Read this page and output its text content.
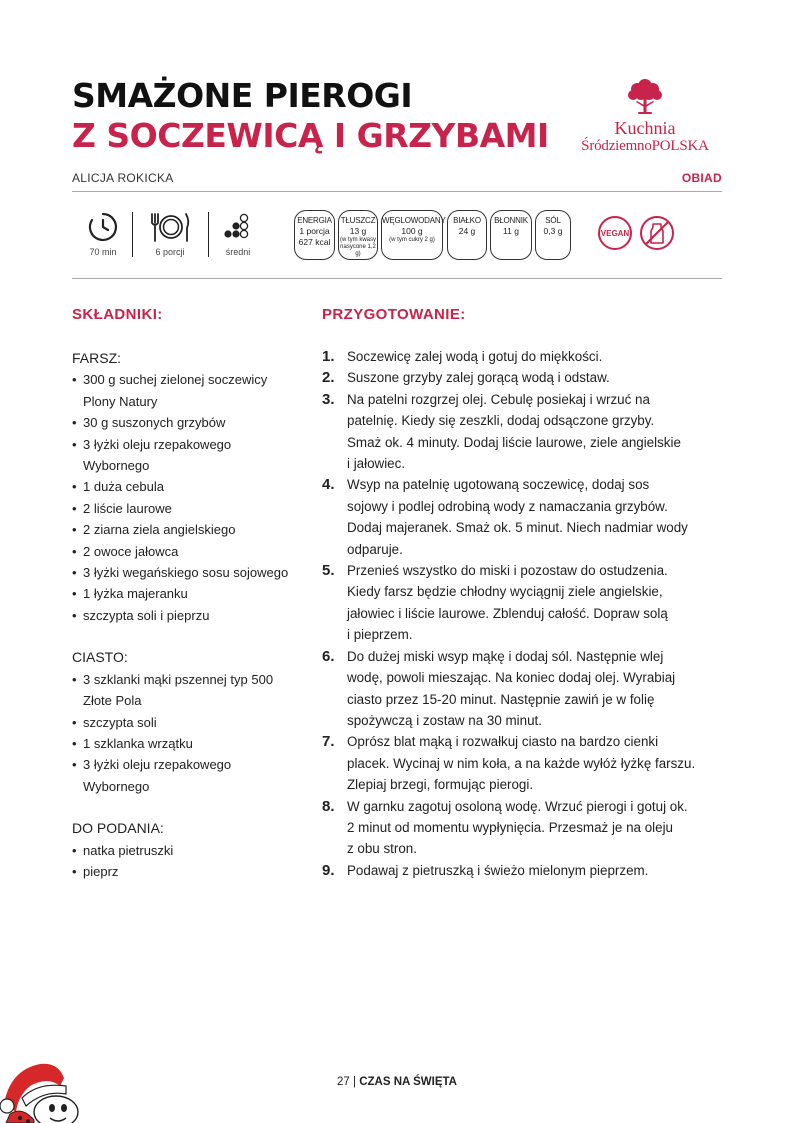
SMAŻONE PIEROGI
Z SOCZEWICĄ I GRZYBAMI	Kuchnia
ŚródziemnoPOLSKA
ALICJA ROKICKA	OBIAD
70 min	6 porcji	średni
ENERGIA
1 porcja
627 kcal
TŁUSZCZ
13 g
(w tym kwasy nasycone 1,2 g)
WĘGLOWODANY
100 g
(w tym cukry 2 g)
BIAŁKO
24 g
BŁONNIK
11 g
SÓL
0,3 g	VEGAN
SKŁADNIKI:
FARSZ:
• 300 g suchej zielonej soczewicy
Plony Natury
• 30 g suszonych grzybów
• 3 łyżki oleju rzepakowego
Wybornego
• 1 duża cebula
• 2 liście laurowe
• 2 ziarna ziela angielskiego
• 2 owoce jałowca
• 3 łyżki wegańskiego sosu sojowego
• 1 łyżka majeranku
• szczypta soli i pieprzu
CIASTO:
• 3 szklanki mąki pszennej typ 500
Złote Pola
• szczypta soli
• 1 szklanka wrzątku
• 3 łyżki oleju rzepakowego
Wybornego
DO PODANIA:
• natka pietruszki
• pieprz
PRZYGOTOWANIE:
1. Soczewicę zalej wodą i gotuj do miękkości.
2. Suszone grzyby zalej gorącą wodą i odstaw.
3. Na patelni rozgrzej olej. Cebulę posiekaj i wrzuć na
patelnię. Kiedy się zeszkli, dodaj odsączone grzyby.
Smaż ok. 4 minuty. Dodaj liście laurowe, ziele angielskie
i jałowiec.
4. Wsyp na patelnię ugotowaną soczewicę, dodaj sos
sojowy i podlej odrobiną wody z namaczania grzybów.
Dodaj majeranek. Smaż ok. 5 minut. Niech nadmiar wody
odparuje.
5. Przenieś wszystko do miski i pozostaw do ostudzenia.
Kiedy farsz będzie chłodny wyciągnij ziele angielskie,
jałowiec i liście laurowe. Zblenduj całość. Dopraw solą
i pieprzem.
6. Do dużej miski wsyp mąkę i dodaj sól. Następnie wlej
wodę, powoli mieszając. Na koniec dodaj olej. Wyrabiaj
ciasto przez 15-20 minut. Następnie zawiń je w folię
spożywczą i zostaw na 30 minut.
7. Oprósz blat mąką i rozwałkuj ciasto na bardzo cienki
placek. Wycinaj w nim koła, a na każde wyłóż łyżkę farszu.
Zlepiaj brzegi, formując pierogi.
8. W garnku zagotuj osoloną wodę. Wrzuć pierogi i gotuj ok.
2 minut od momentu wypłynięcia. Przesmaż je na oleju
z obu stron.
9. Podawaj z pietruszką i świeżo mielonym pieprzem.
27 | CZAS NA ŚWIĘTA
